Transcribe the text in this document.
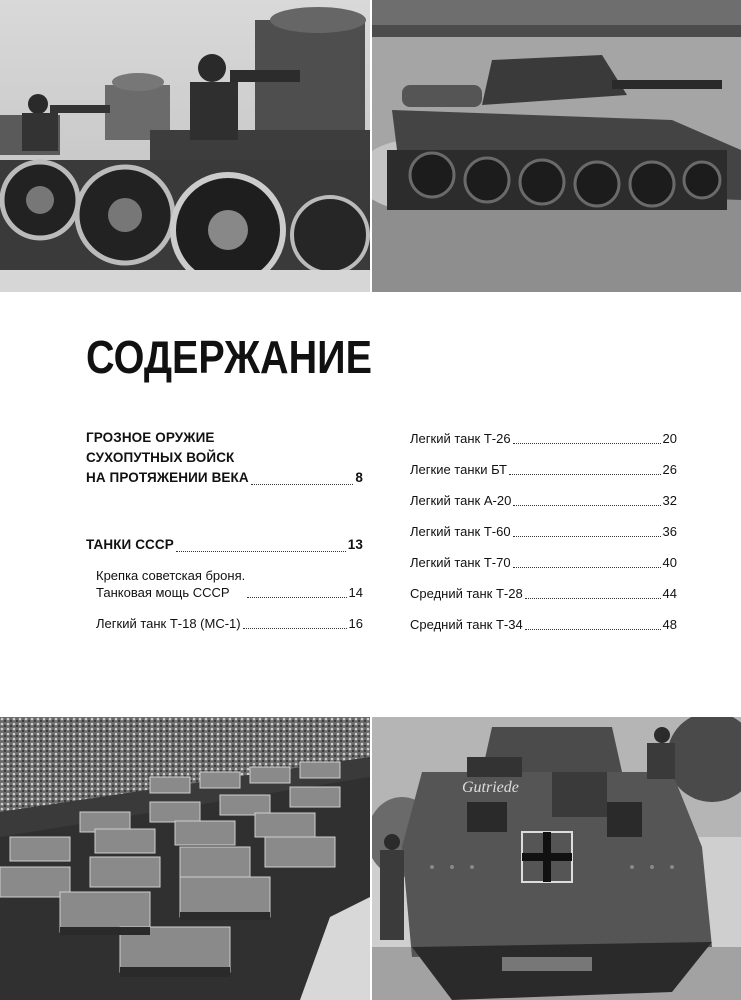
СОДЕРЖАНИЕ
ГРОЗНОЕ ОРУЖИЕ
СУХОПУТНЫХ ВОЙСК
НА ПРОТЯЖЕНИИ ВЕКА	8
ТАНКИ СССР	13
Крепка советская броня.
Танковая мощь СССР	14
Легкий танк Т-18 (МС-1)	16
Легкий танк Т-26	20
Легкие танки БТ	26
Легкий танк А-20	32
Легкий танк Т-60	36
Легкий танк Т-70	40
Средний танк Т-28	44
Средний танк Т-34	48
Gutriede
